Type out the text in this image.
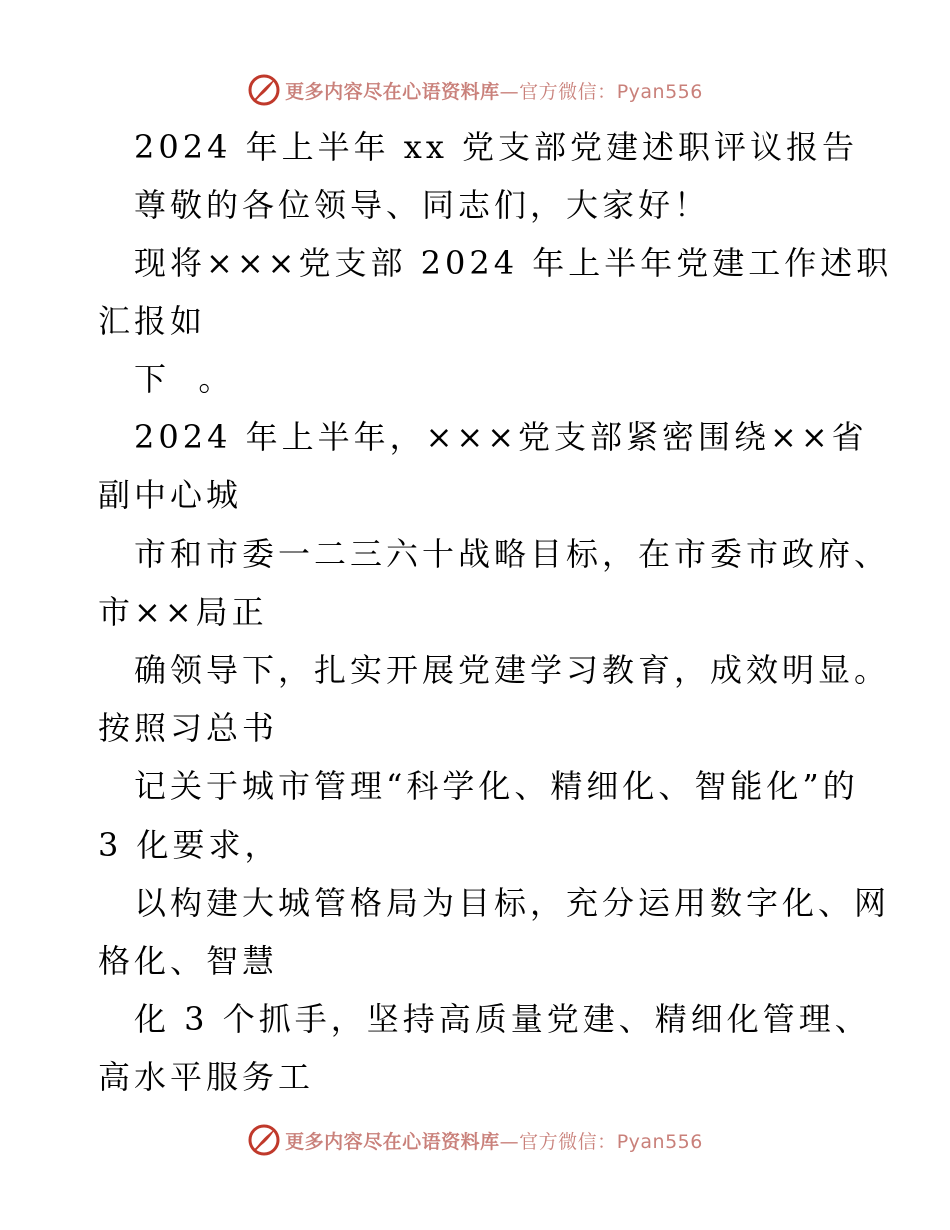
更多内容尽在心语资料库—官方微信：Pyan556
2024 年上半年 xx 党支部党建述职评议报告
尊敬的各位领导、同志们，大家好！
现将×××党支部 2024 年上半年党建工作述职
汇报如
下  。
2024 年上半年，×××党支部紧密围绕××省
副中心城
市和市委一二三六十战略目标，在市委市政府、
市××局正
确领导下，扎实开展党建学习教育，成效明显。
按照习总书
记关于城市管理“科学化、精细化、智能化”的
3 化要求，
以构建大城管格局为目标，充分运用数字化、网
格化、智慧
化 3 个抓手，坚持高质量党建、精细化管理、
高水平服务工
更多内容尽在心语资料库—官方微信：Pyan556
